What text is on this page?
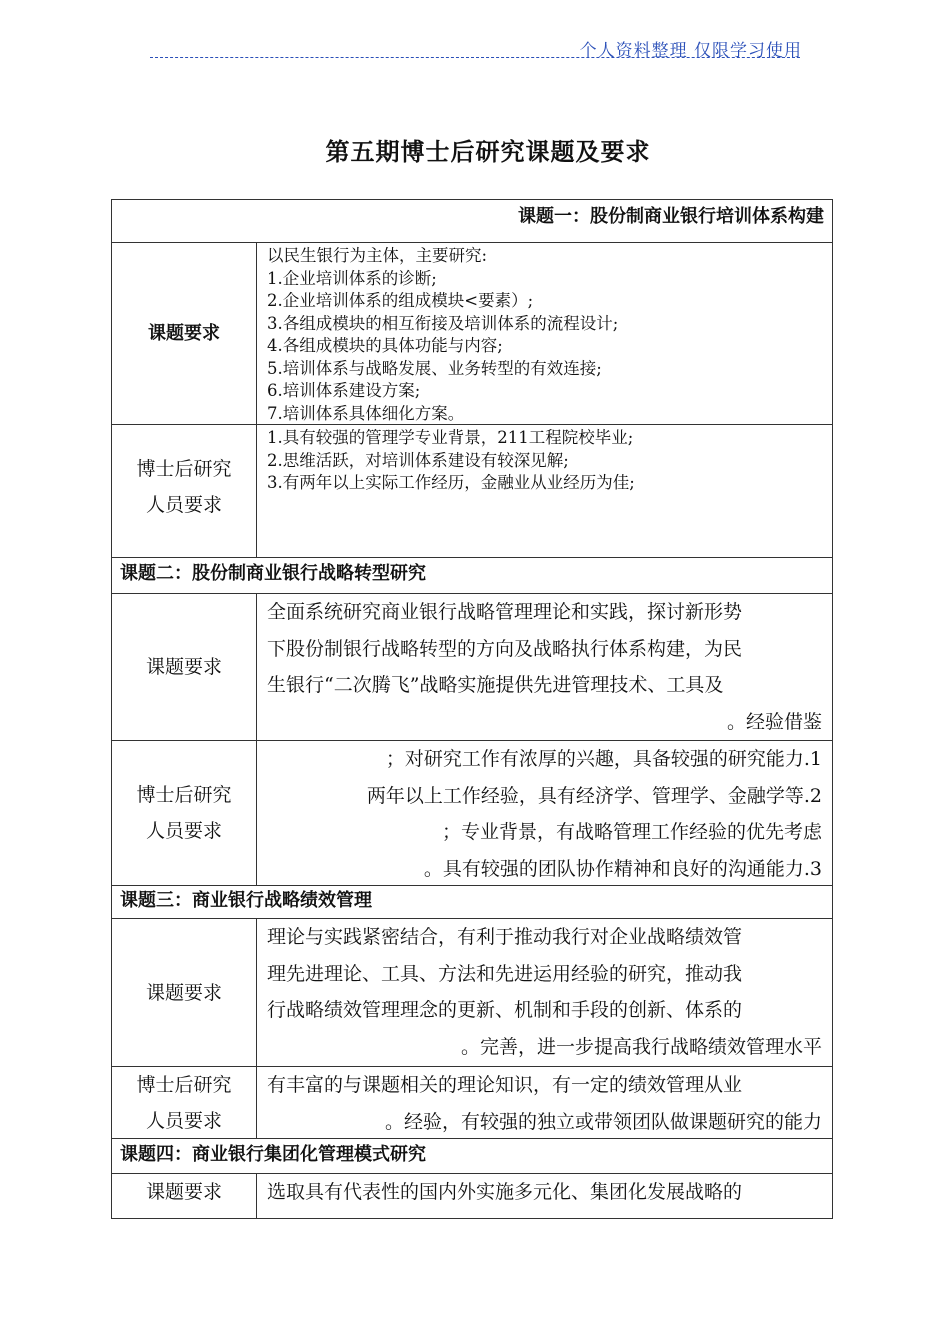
个人资料整理 仅限学习使用
第五期博士后研究课题及要求
课题一：股份制商业银行培训体系构建
课题要求
以民生银行为主体，主要研究:
1.企业培训体系的诊断;
2.企业培训体系的组成模块<要素）;
3.各组成模块的相互衔接及培训体系的流程设计;
4.各组成模块的具体功能与内容;
5.培训体系与战略发展、业务转型的有效连接;
6.培训体系建设方案;
7.培训体系具体细化方案。
博士后研究
人员要求
1.具有较强的管理学专业背景，211工程院校毕业;
2.思维活跃，对培训体系建设有较深见解;
3.有两年以上实际工作经历，金融业从业经历为佳;
课题二：股份制商业银行战略转型研究
课题要求
全面系统研究商业银行战略管理理论和实践，探讨新形势
下股份制银行战略转型的方向及战略执行体系构建，为民
生银行“二次腾飞”战略实施提供先进管理技术、工具及
。经验借鉴
博士后研究
人员要求
；对研究工作有浓厚的兴趣，具备较强的研究能力.1
两年以上工作经验，具有经济学、管理学、金融学等.2
；专业背景，有战略管理工作经验的优先考虑
。具有较强的团队协作精神和良好的沟通能力.3
课题三：商业银行战略绩效管理
课题要求
理论与实践紧密结合，有利于推动我行对企业战略绩效管
理先进理论、工具、方法和先进运用经验的研究，推动我
行战略绩效管理理念的更新、机制和手段的创新、体系的
。完善，进一步提高我行战略绩效管理水平
博士后研究
人员要求
有丰富的与课题相关的理论知识，有一定的绩效管理从业
。经验，有较强的独立或带领团队做课题研究的能力
课题四：商业银行集团化管理模式研究
课题要求	选取具有代表性的国内外实施多元化、集团化发展战略的
